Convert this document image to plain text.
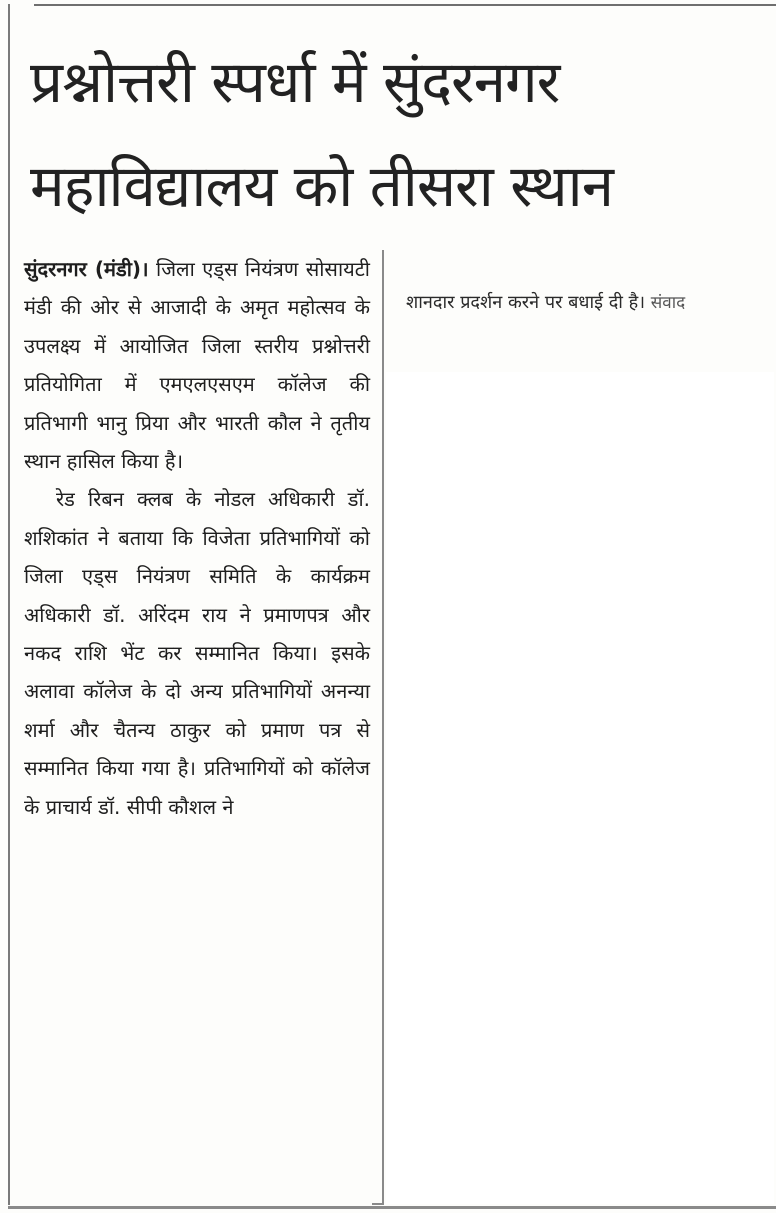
प्रश्नोत्तरी स्पर्धा में सुंदरनगर
महाविद्यालय को तीसरा स्थान

सुंदरनगर (मंडी)। जिला एड्स नियंत्रण सोसायटी मंडी की ओर से आजादी के अमृत महोत्सव के उपलक्ष्य में आयोजित जिला स्तरीय प्रश्नोत्तरी प्रतियोगिता में एमएलएसएम कॉलेज की प्रतिभागी भानु प्रिया और भारती कौल ने तृतीय स्थान हासिल किया है।

रेड रिबन क्लब के नोडल अधिकारी डॉ. शशिकांत ने बताया कि विजेता प्रतिभागियों को जिला एड्स नियंत्रण समिति के कार्यक्रम अधिकारी डॉ. अरिंदम राय ने प्रमाणपत्र और नकद राशि भेंट कर सम्मानित किया। इसके अलावा कॉलेज के दो अन्य प्रतिभागियों अनन्या शर्मा और चैतन्य ठाकुर को प्रमाण पत्र से सम्मानित किया गया है। प्रतिभागियों को कॉलेज के प्राचार्य डॉ. सीपी कौशल ने

शानदार प्रदर्शन करने पर बधाई दी है। संवाद
